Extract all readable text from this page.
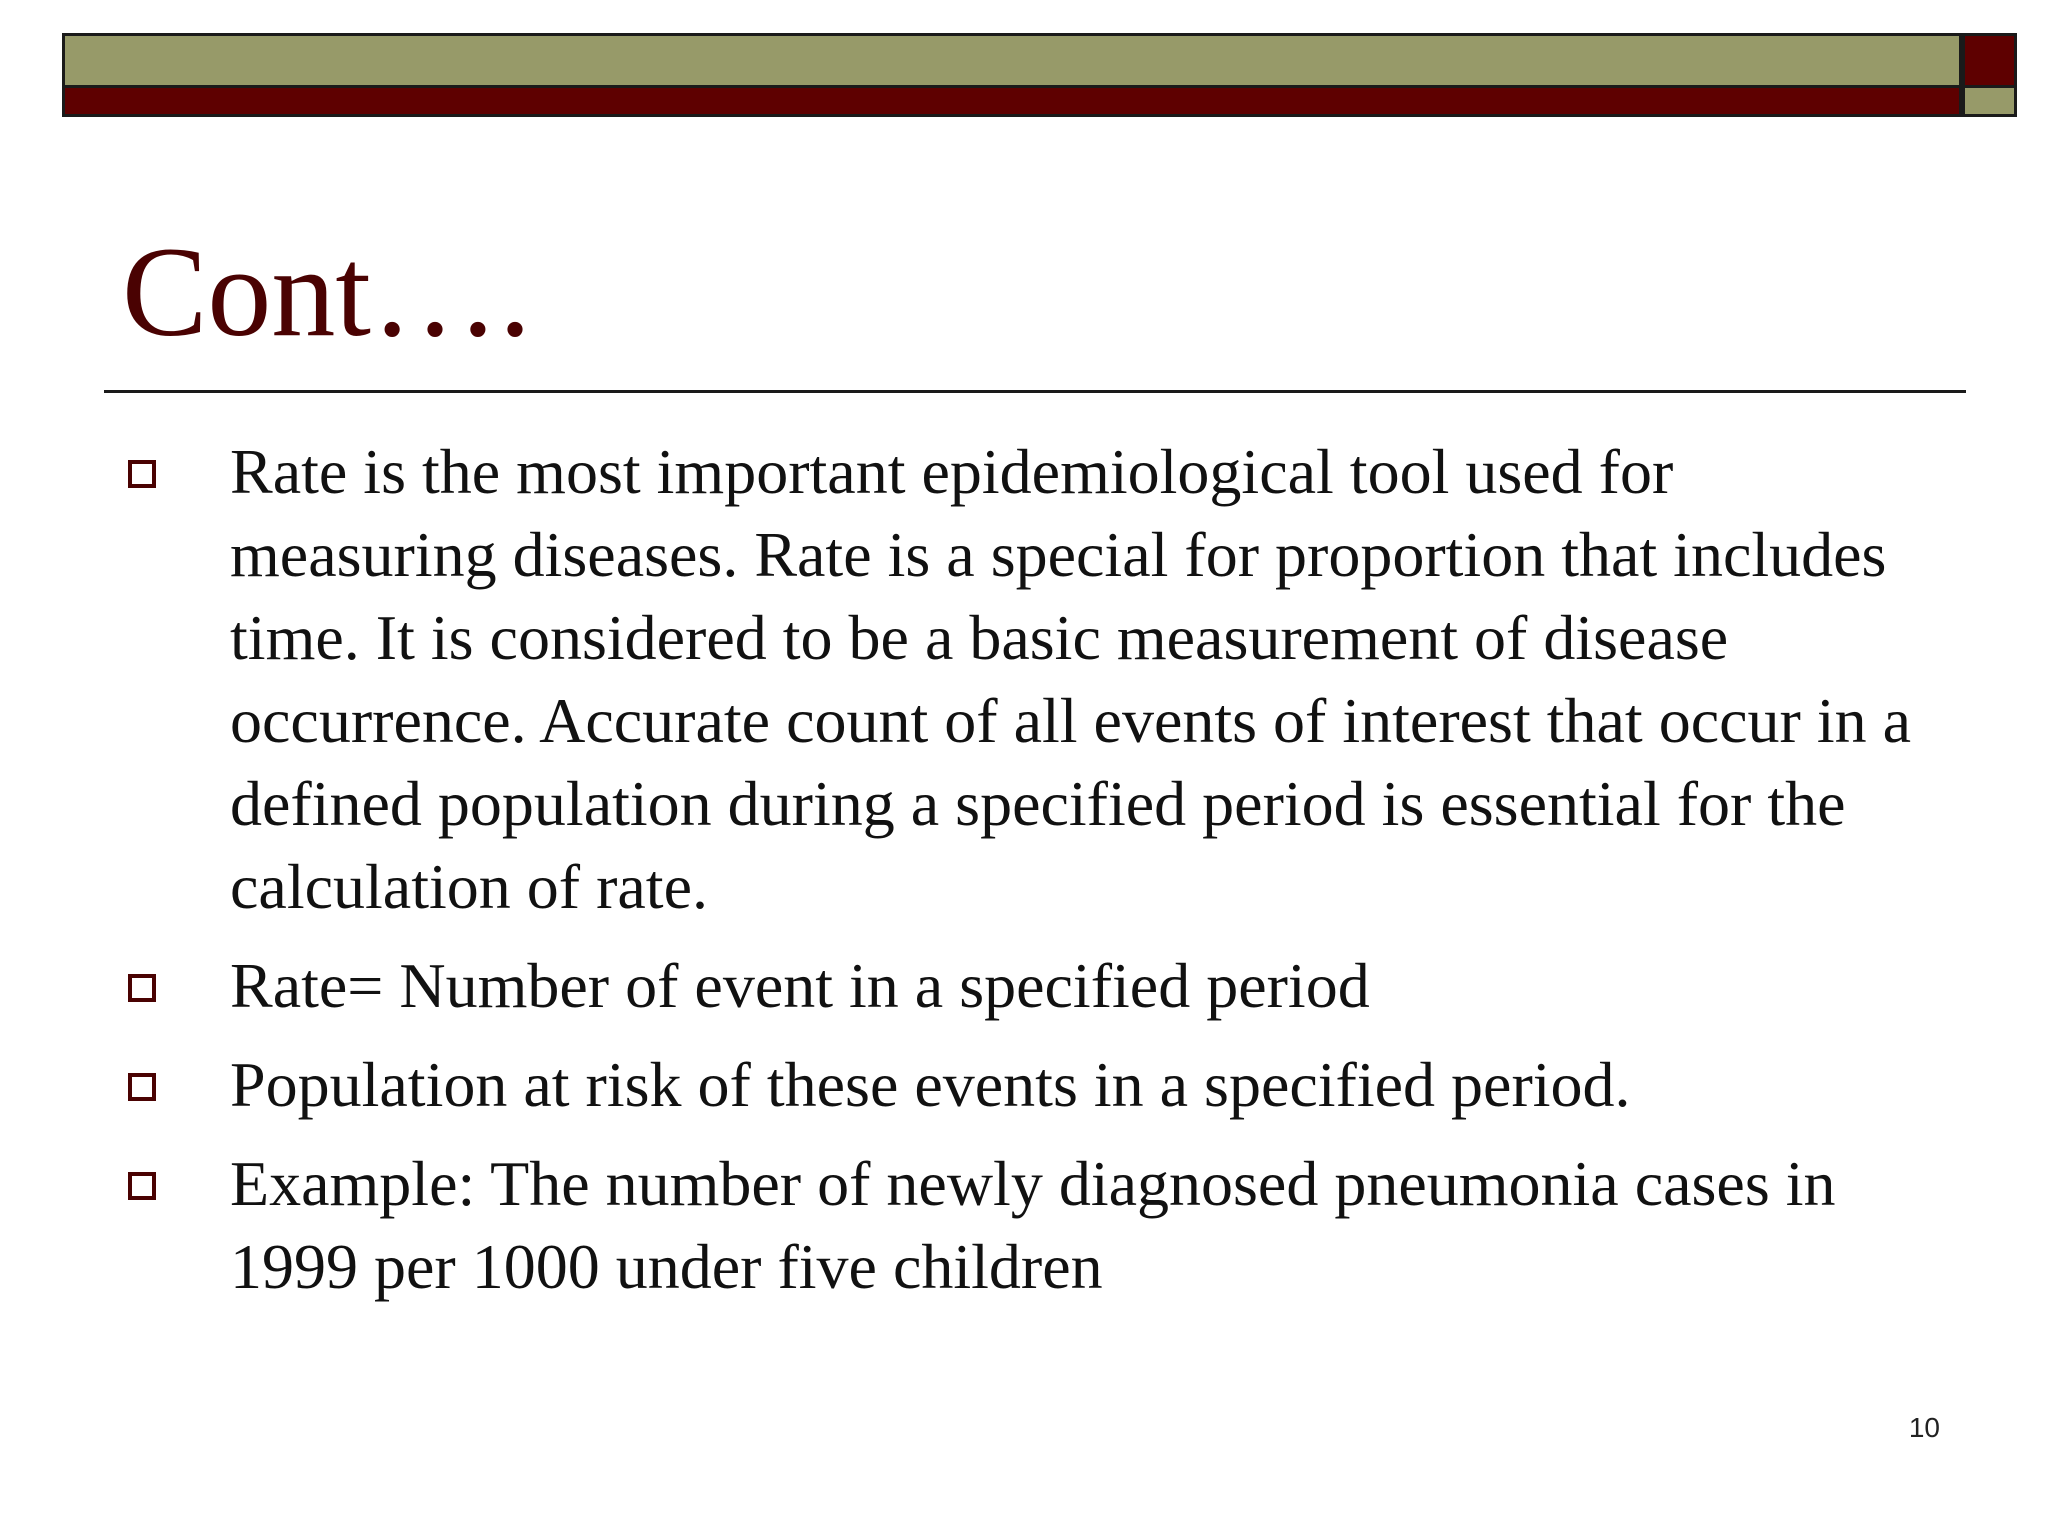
Cont….
Rate is the most important epidemiological tool used for measuring diseases. Rate is a special for proportion that includes time. It is considered to be a basic measurement of disease occurrence. Accurate count of all events of interest that occur in a defined population during a specified period is essential for the calculation of rate.
Rate= Number of event in a specified period
Population at risk of these events in a specified period.
Example: The number of newly diagnosed pneumonia cases in 1999 per 1000 under five children
10
